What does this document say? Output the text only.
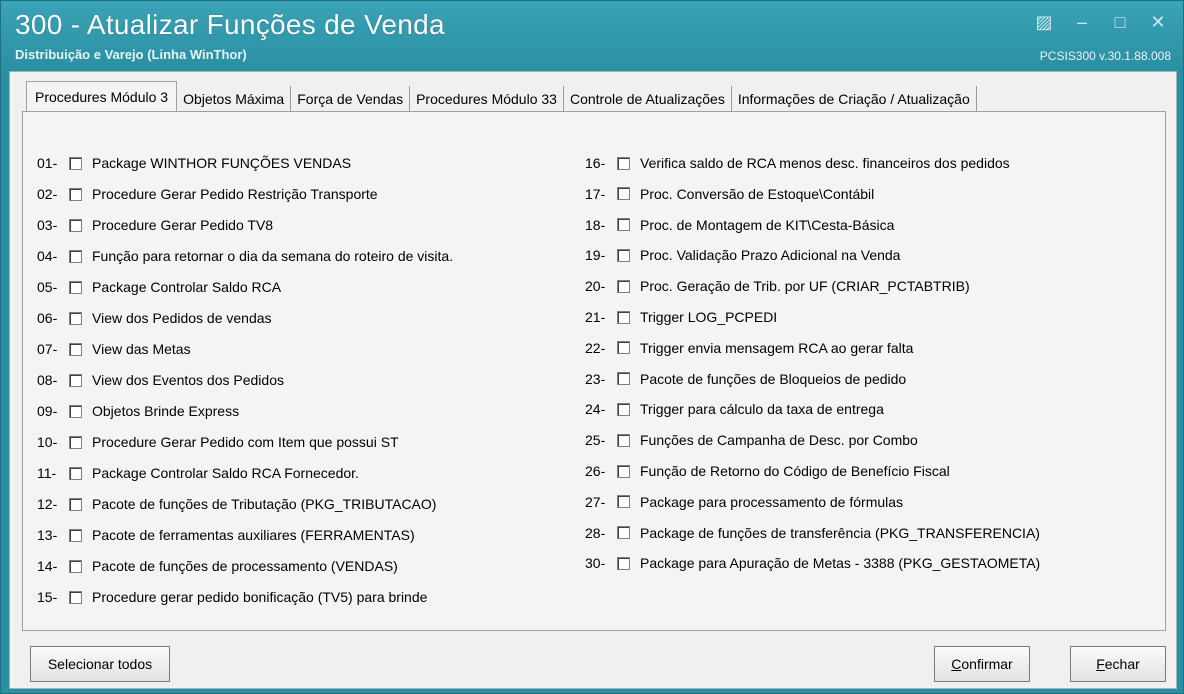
300 - Atualizar Funções de Venda
Distribuição e Varejo (Linha WinThor)	PCSIS300 v.30.1.88.008
▨	–	□	✕
Procedures Módulo 3	Objetos Máxima Força de Vendas Procedures Módulo 33 Controle de Atualizações Informações de Criação / Atualização
01-	Package WINTHOR FUNÇÕES VENDAS
02-	Procedure Gerar Pedido Restrição Transporte
03-	Procedure Gerar Pedido TV8
04-	Função para retornar o dia da semana do roteiro de visita.
05-	Package Controlar Saldo RCA
06-	View dos Pedidos de vendas
07-	View das Metas
08-	View dos Eventos dos Pedidos
09-	Objetos Brinde Express
10-	Procedure Gerar Pedido com Item que possui ST
11-	Package Controlar Saldo RCA Fornecedor.
12-	Pacote de funções de Tributação (PKG_TRIBUTACAO)
13-	Pacote de ferramentas auxiliares (FERRAMENTAS)
14-	Pacote de funções de processamento (VENDAS)
15-	Procedure gerar pedido bonificação (TV5) para brinde
16-	Verifica saldo de RCA menos desc. financeiros dos pedidos
17-	Proc. Conversão de Estoque\Contábil
18-	Proc. de Montagem de KIT\Cesta-Básica
19-	Proc. Validação Prazo Adicional na Venda
20-	Proc. Geração de Trib. por UF (CRIAR_PCTABTRIB)
21-	Trigger LOG_PCPEDI
22-	Trigger envia mensagem RCA ao gerar falta
23-	Pacote de funções de Bloqueios de pedido
24-	Trigger para cálculo da taxa de entrega
25-	Funções de Campanha de Desc. por Combo
26-	Função de Retorno do Código de Benefício Fiscal
27-	Package para processamento de fórmulas
28-	Package de funções de transferência (PKG_TRANSFERENCIA)
30-	Package para Apuração de Metas - 3388 (PKG_GESTAOMETA)
Selecionar todos	Confirmar	Fechar
